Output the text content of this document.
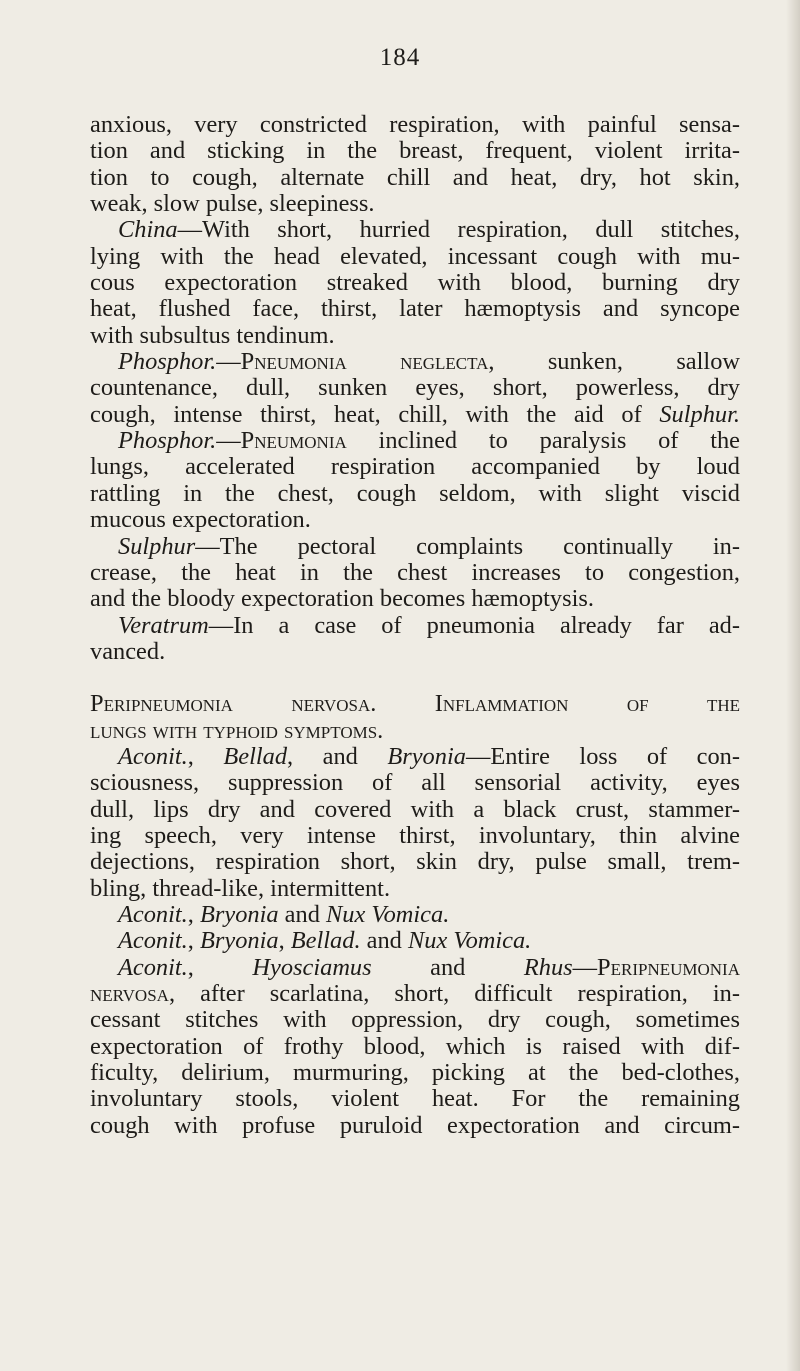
184
anxious, very constricted respiration, with painful sensa-
tion and sticking in the breast, frequent, violent irrita-
tion to cough, alternate chill and heat, dry, hot skin,
weak, slow pulse, sleepiness.
China—With short, hurried respiration, dull stitches,
lying with the head elevated, incessant cough with mu-
cous expectoration streaked with blood, burning dry
heat, flushed face, thirst, later hæmoptysis and syncope
with subsultus tendinum.
Phosphor.—Pneumonia neglecta, sunken, sallow
countenance, dull, sunken eyes, short, powerless, dry
cough, intense thirst, heat, chill, with the aid of Sulphur.
Phosphor.—Pneumonia inclined to paralysis of the
lungs, accelerated respiration accompanied by loud
rattling in the chest, cough seldom, with slight viscid
mucous expectoration.
Sulphur—The pectoral complaints continually in-
crease, the heat in the chest increases to congestion,
and the bloody expectoration becomes hæmoptysis.
Veratrum—In a case of pneumonia already far ad-
vanced.
Peripneumonia nervosa. Inflammation of the
lungs with typhoid symptoms.
Aconit., Bellad, and Bryonia—Entire loss of con-
sciousness, suppression of all sensorial activity, eyes
dull, lips dry and covered with a black crust, stammer-
ing speech, very intense thirst, involuntary, thin alvine
dejections, respiration short, skin dry, pulse small, trem-
bling, thread-like, intermittent.
Aconit., Bryonia and Nux Vomica.
Aconit., Bryonia, Bellad. and Nux Vomica.
Aconit., Hyosciamus and Rhus—Peripneumonia
nervosa, after scarlatina, short, difficult respiration, in-
cessant stitches with oppression, dry cough, sometimes
expectoration of frothy blood, which is raised with dif-
ficulty, delirium, murmuring, picking at the bed-clothes,
involuntary stools, violent heat. For the remaining
cough with profuse puruloid expectoration and circum-
